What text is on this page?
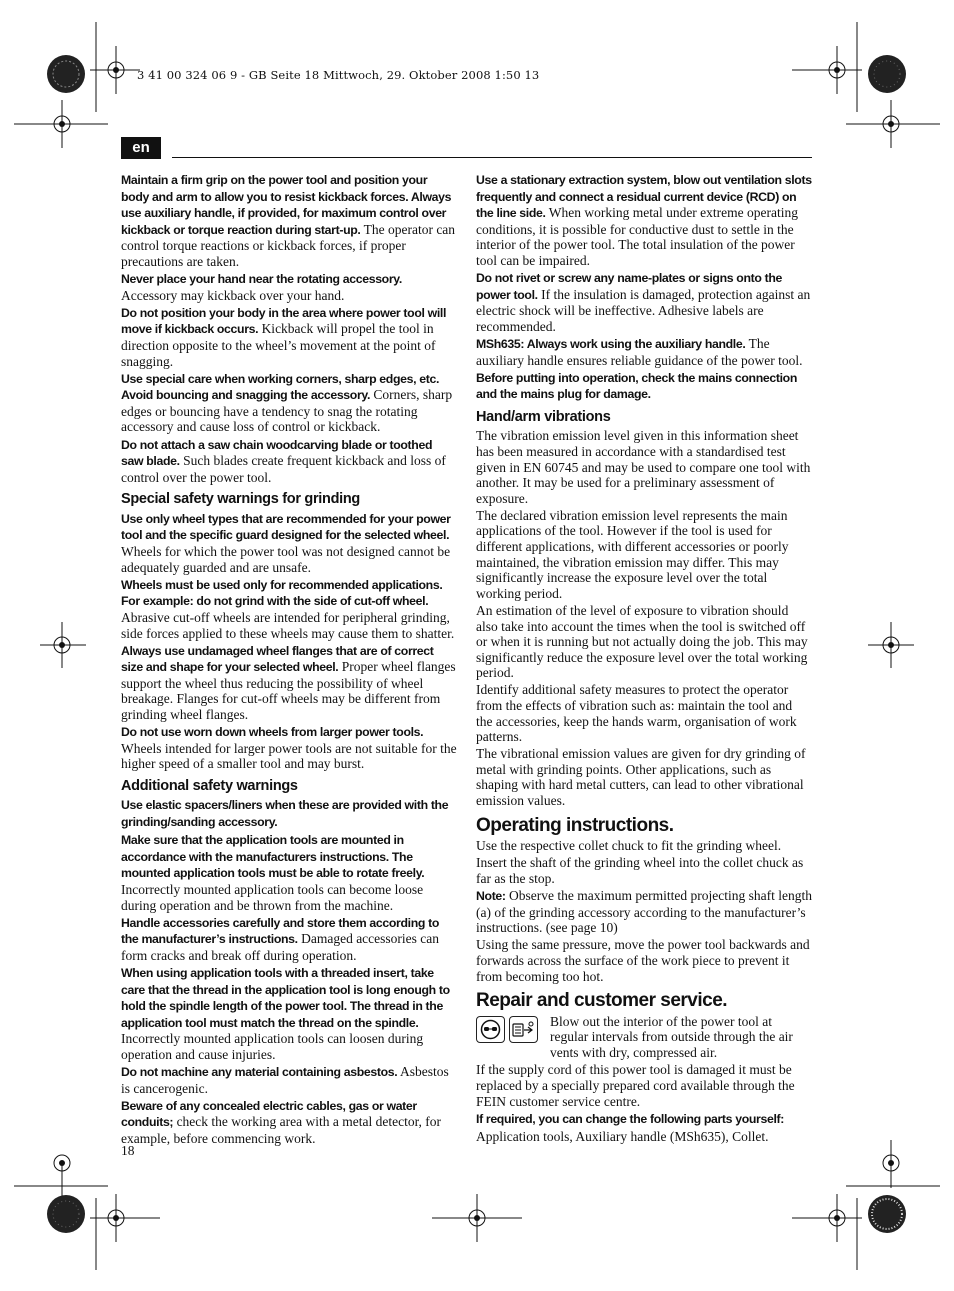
3 41 00 324 06 9 - GB Seite 18 Mittwoch, 29. Oktober 2008 1:50 13
en

Maintain a firm grip on the power tool and position your body and arm to allow you to resist kickback forces. Always use auxiliary handle, if provided, for maximum control over kickback or torque reaction during start-up. The operator can control torque reactions or kickback forces, if proper precautions are taken.

Never place your hand near the rotating accessory. Accessory may kickback over your hand.

Do not position your body in the area where power tool will move if kickback occurs. Kickback will propel the tool in direction opposite to the wheel’s movement at the point of snagging.

Use special care when working corners, sharp edges, etc. Avoid bouncing and snagging the accessory. Corners, sharp edges or bouncing have a tendency to snag the rotating accessory and cause loss of control or kickback.

Do not attach a saw chain woodcarving blade or toothed saw blade. Such blades create frequent kickback and loss of control over the power tool.

Special safety warnings for grinding

Use only wheel types that are recommended for your power tool and the specific guard designed for the selected wheel. Wheels for which the power tool was not designed cannot be adequately guarded and are unsafe.

Wheels must be used only for recommended applications. For example: do not grind with the side of cut-off wheel. Abrasive cut-off wheels are intended for peripheral grinding, side forces applied to these wheels may cause them to shatter.

Always use undamaged wheel flanges that are of correct size and shape for your selected wheel. Proper wheel flanges support the wheel thus reducing the possibility of wheel breakage. Flanges for cut-off wheels may be different from grinding wheel flanges.

Do not use worn down wheels from larger power tools. Wheels intended for larger power tools are not suitable for the higher speed of a smaller tool and may burst.

Additional safety warnings

Use elastic spacers/liners when these are provided with the grinding/sanding accessory.

Make sure that the application tools are mounted in accordance with the manufacturers instructions. The mounted application tools must be able to rotate freely. Incorrectly mounted application tools can become loose during operation and be thrown from the machine.

Handle accessories carefully and store them according to the manufacturer’s instructions. Damaged accessories can form cracks and break off during operation.

When using application tools with a threaded insert, take care that the thread in the application tool is long enough to hold the spindle length of the power tool. The thread in the application tool must match the thread on the spindle. Incorrectly mounted application tools can loosen during operation and cause injuries.

Do not machine any material containing asbestos. Asbestos is cancerogenic.

Beware of any concealed electric cables, gas or water conduits; check the working area with a metal detector, for example, before commencing work.

Use a stationary extraction system, blow out ventilation slots frequently and connect a residual current device (RCD) on the line side. When working metal under extreme operating conditions, it is possible for conductive dust to settle in the interior of the power tool. The total insulation of the power tool can be impaired.

Do not rivet or screw any name-plates or signs onto the power tool. If the insulation is damaged, protection against an electric shock will be ineffective. Adhesive labels are recommended.

MSh635: Always work using the auxiliary handle. The auxiliary handle ensures reliable guidance of the power tool.

Before putting into operation, check the mains connection and the mains plug for damage.

Hand/arm vibrations

The vibration emission level given in this information sheet has been measured in accordance with a standardised test given in EN 60745 and may be used to compare one tool with another. It may be used for a preliminary assessment of exposure.

The declared vibration emission level represents the main applications of the tool. However if the tool is used for different applications, with different accessories or poorly maintained, the vibration emission may differ. This may significantly increase the exposure level over the total working period.

An estimation of the level of exposure to vibration should also take into account the times when the tool is switched off or when it is running but not actually doing the job. This may significantly reduce the exposure level over the total working period.

Identify additional safety measures to protect the operator from the effects of vibration such as: maintain the tool and the accessories, keep the hands warm, organisation of work patterns.

The vibrational emission values are given for dry grinding of metal with grinding points. Other applications, such as shaping with hard metal cutters, can lead to other vibrational emission values.

Operating instructions.

Use the respective collet chuck to fit the grinding wheel.

Insert the shaft of the grinding wheel into the collet chuck as far as the stop.

Note: Observe the maximum permitted projecting shaft length (a) of the grinding accessory according to the manufacturer’s instructions. (see page 10)

Using the same pressure, move the power tool backwards and forwards across the surface of the work piece to prevent it from becoming too hot.

Repair and customer service.
Blow out the interior of the power tool at regular intervals from outside through the air vents with dry, compressed air.

If the supply cord of this power tool is damaged it must be replaced by a specially prepared cord available through the FEIN customer service centre.

If required, you can change the following parts yourself:

Application tools, Auxiliary handle (MSh635), Collet.

18
